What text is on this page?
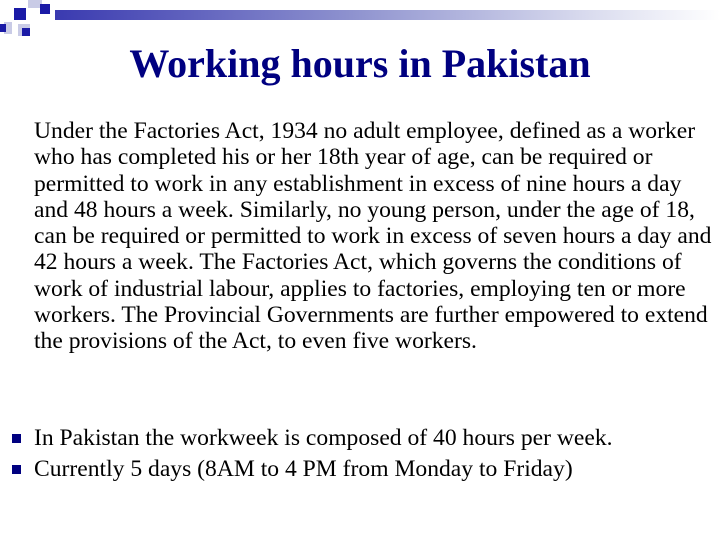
Working hours in Pakistan

Under the Factories Act, 1934 no adult employee, defined as a worker who has completed his or her 18th year of age, can be required or permitted to work in any establishment in excess of nine hours a day and 48 hours a week. Similarly, no young person, under the age of 18, can be required or permitted to work in excess of seven hours a day and 42 hours a week. The Factories Act, which governs the conditions of work of industrial labour, applies to factories, employing ten or more workers. The Provincial Governments are further empowered to extend the provisions of the Act, to even five workers.

In Pakistan the workweek is composed of 40 hours per week.
Currently 5 days (8AM to 4 PM from Monday to Friday)
